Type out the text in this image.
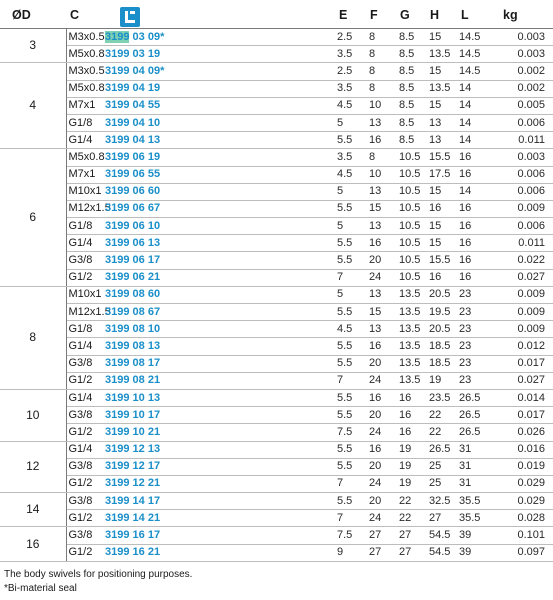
ØD	C	E F G H L	kg
3	M3x0.5	3199 03 09*	2.5	8	8.5	15	14.5	0.003
	M5x0.8	3199 03 19	3.5	8	8.5	13.5	14.5	0.003
4	M3x0.5	3199 04 09*	2.5	8	8.5	15	14.5	0.002
	M5x0.8	3199 04 19	3.5	8	8.5	13.5	14	0.002
	M7x1	3199 04 55	4.5	10	8.5	15	14	0.005
	G1/8	3199 04 10	5	13	8.5	13	14	0.006
	G1/4	3199 04 13	5.5	16	8.5	13	14	0.011
6	M5x0.8	3199 06 19	3.5	8	10.5	15.5	16	0.003
	M7x1	3199 06 55	4.5	10	10.5	17.5	16	0.006
	M10x1	3199 06 60	5	13	10.5	15	14	0.006
	M12x1.5	3199 06 67	5.5	15	10.5	16	16	0.009
	G1/8	3199 06 10	5	13	10.5	15	16	0.006
	G1/4	3199 06 13	5.5	16	10.5	15	16	0.011
	G3/8	3199 06 17	5.5	20	10.5	15.5	16	0.022
	G1/2	3199 06 21	7	24	10.5	16	16	0.027
8	M10x1	3199 08 60	5	13	13.5	20.5	23	0.009
	M12x1.5	3199 08 67	5.5	15	13.5	19.5	23	0.009
	G1/8	3199 08 10	4.5	13	13.5	20.5	23	0.009
	G1/4	3199 08 13	5.5	16	13.5	18.5	23	0.012
	G3/8	3199 08 17	5.5	20	13.5	18.5	23	0.017
	G1/2	3199 08 21	7	24	13.5	19	23	0.027
10	G1/4	3199 10 13	5.5	16	16	23.5	26.5	0.014
	G3/8	3199 10 17	5.5	20	16	22	26.5	0.017
	G1/2	3199 10 21	7.5	24	16	22	26.5	0.026
12	G1/4	3199 12 13	5.5	16	19	26.5	31	0.016
	G3/8	3199 12 17	5.5	20	19	25	31	0.019
	G1/2	3199 12 21	7	24	19	25	31	0.029
14	G3/8	3199 14 17	5.5	20	22	32.5	35.5	0.029
	G1/2	3199 14 21	7	24	22	27	35.5	0.028
16	G3/8	3199 16 17	7.5	27	27	54.5	39	0.101
	G1/2	3199 16 21	9	27	27	54.5	39	0.097
The body swivels for positioning purposes.
*Bi-material seal
